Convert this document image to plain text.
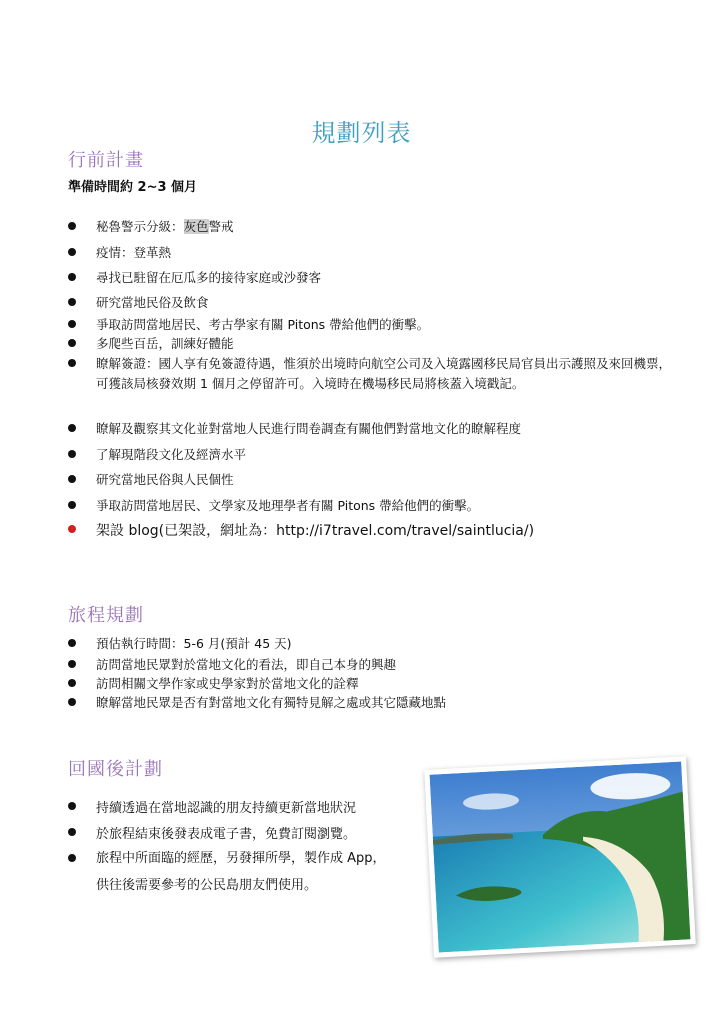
規劃列表
行前計畫
準備時間約 2~3 個月
秘魯警示分級：灰色警戒
疫情：登革熱
尋找已駐留在厄瓜多的接待家庭或沙發客
研究當地民俗及飲食
爭取訪問當地居民、考古學家有關 Pitons 帶給他們的衝擊。
多爬些百岳，訓練好體能
瞭解簽證：國人享有免簽證待遇，惟須於出境時向航空公司及入境露國移民局官員出示護照及來回機票，可獲該局核發效期 1 個月之停留許可。入境時在機場移民局將核蓋入境戳記。
瞭解及觀察其文化並對當地人民進行問卷調查有關他們對當地文化的瞭解程度
了解現階段文化及經濟水平
研究當地民俗與人民個性
爭取訪問當地居民、文學家及地理學者有關 Pitons 帶給他們的衝擊。
架設 blog(已架設，網址為：http://i7travel.com/travel/saintlucia/)
旅程規劃
預估執行時間：5-6 月(預計 45 天)
訪問當地民眾對於當地文化的看法，即自己本身的興趣
訪問相關文學作家或史學家對於當地文化的詮釋
瞭解當地民眾是否有對當地文化有獨特見解之處或其它隱藏地點
回國後計劃
持續透過在當地認識的朋友持續更新當地狀況
於旅程結束後發表成電子書，免費訂閱瀏覽。
旅程中所面臨的經歷，另發揮所學，製作成 App，供往後需要參考的公民島朋友們使用。
